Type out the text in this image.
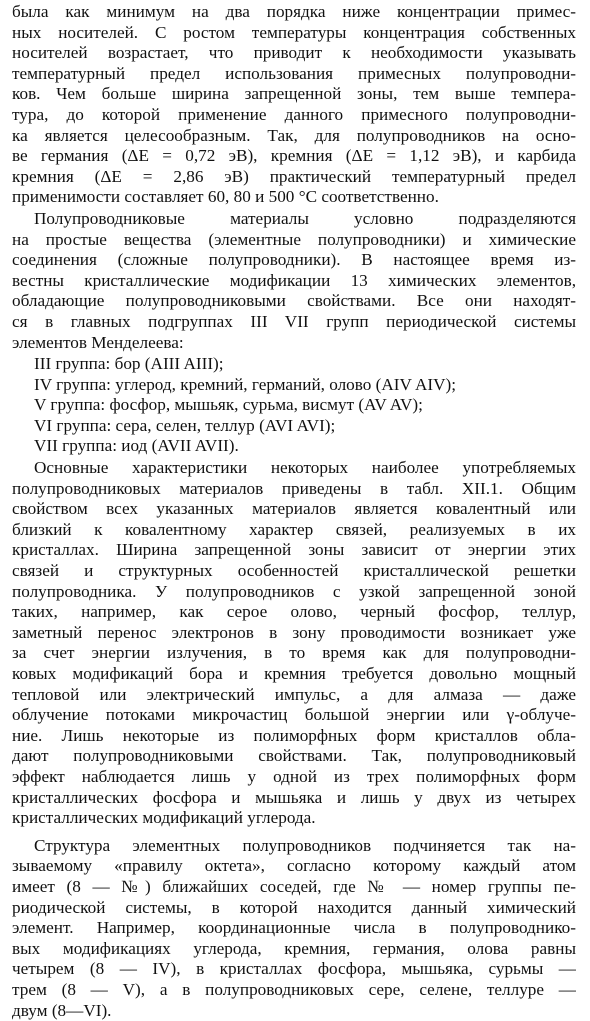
была как минимум на два порядка ниже концентрации примес-
ных носителей. С ростом температуры концентрация собственных
носителей возрастает, что приводит к необходимости указывать
температурный предел использования примесных полупроводни-
ков. Чем больше ширина запрещенной зоны, тем выше темпера-
тура, до которой применение данного примесного полупроводни-
ка является целесообразным. Так, для полупроводников на осно-
ве германия (ΔE = 0,72 эВ), кремния (ΔE = 1,12 эВ), и карбида
кремния (ΔE = 2,86 эВ) практический температурный предел
применимости составляет 60, 80 и 500 °С соответственно.
Полупроводниковые материалы условно подразделяются
на простые вещества (элементные полупроводники) и химические
соединения (сложные полупроводники). В настоящее время из-
вестны кристаллические модификации 13 химических элементов,
обладающие полупроводниковыми свойствами. Все они находят-
ся в главных подгруппах III VII групп периодической системы
элементов Менделеева:
III группа: бор (AIII AIII);
IV группа: углерод, кремний, германий, олово (AIV AIV);
V группа: фосфор, мышьяк, сурьма, висмут (AV AV);
VI группа: сера, селен, теллур (AVI AVI);
VII группа: иод (AVII AVII).
Основные характеристики некоторых наиболее употребляемых
полупроводниковых материалов приведены в табл. XII.1. Общим
свойством всех указанных материалов является ковалентный или
близкий к ковалентному характер связей, реализуемых в их
кристаллах. Ширина запрещенной зоны зависит от энергии этих
связей и структурных особенностей кристаллической решетки
полупроводника. У полупроводников с узкой запрещенной зоной
таких, например, как серое олово, черный фосфор, теллур,
заметный перенос электронов в зону проводимости возникает уже
за счет энергии излучения, в то время как для полупроводни-
ковых модификаций бора и кремния требуется довольно мощный
тепловой или электрический импульс, а для алмаза — даже
облучение потоками микрочастиц большой энергии или γ-облуче-
ние. Лишь некоторые из полиморфных форм кристаллов обла-
дают полупроводниковыми свойствами. Так, полупроводниковый
эффект наблюдается лишь у одной из трех полиморфных форм
кристаллических фосфора и мышьяка и лишь у двух из четырех
кристаллических модификаций углерода.
Структура элементных полупроводников подчиняется так на-
зываемому «правилу октета», согласно которому каждый атом
имеет (8 — №) ближайших соседей, где № — номер группы пе-
риодической системы, в которой находится данный химический
элемент. Например, координационные числа в полупроводнико-
вых модификациях углерода, кремния, германия, олова равны
четырем (8 — IV), в кристаллах фосфора, мышьяка, сурьмы —
трем (8 — V), а в полупроводниковых сере, селене, теллуре —
двум (8—VI).
